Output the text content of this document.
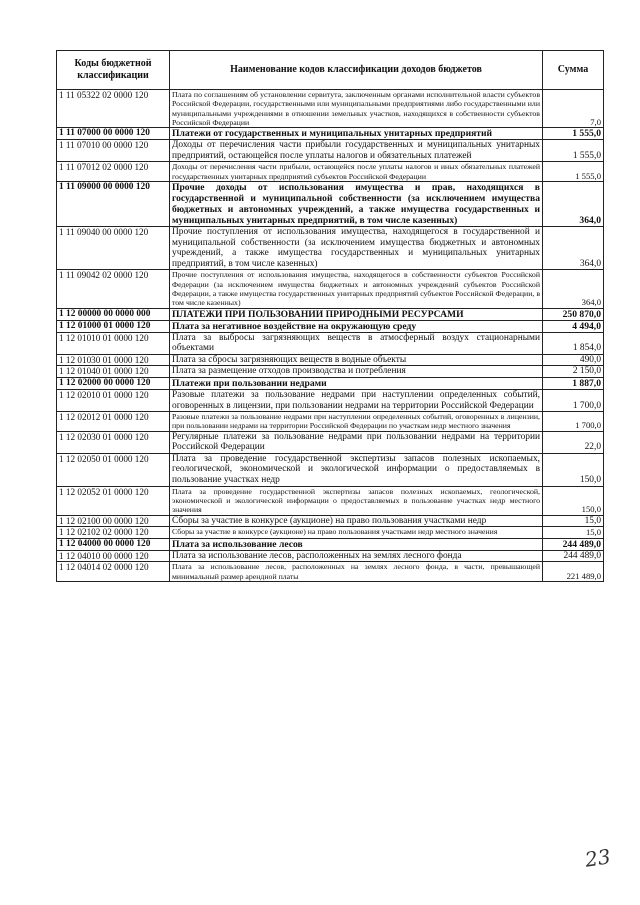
Коды бюджетной классификации	Наименование кодов классификации доходов бюджетов	Сумма
1 11 05322 02 0000 120	Плата по соглашениям об установлении сервитута, заключенным органами исполнительной власти субъектов Российской Федерации, государственными или муниципальными предприятиями либо государственными или муниципальными учреждениями в отношении земельных участков, находящихся в собственности субъектов Российской Федерации	7,0
1 11 07000 00 0000 120	Платежи от государственных и муниципальных унитарных предприятий	1 555,0
1 11 07010 00 0000 120	Доходы от перечисления части прибыли государственных и муниципальных унитарных предприятий, остающейся после уплаты налогов и обязательных платежей	1 555,0
1 11 07012 02 0000 120	Доходы от перечисления части прибыли, остающейся после уплаты налогов и иных обязательных платежей государственных унитарных предприятий субъектов Российской Федерации	1 555,0
1 11 09000 00 0000 120	Прочие доходы от использования имущества и прав, находящихся в государственной и муниципальной собственности (за исключением имущества бюджетных и автономных учреждений, а также имущества государственных и муниципальных унитарных предприятий, в том числе казенных)	364,0
1 11 09040 00 0000 120	Прочие поступления от использования имущества, находящегося в государственной и муниципальной собственности (за исключением имущества бюджетных и автономных учреждений, а также имущества государственных и муниципальных унитарных предприятий, в том числе казенных)	364,0
1 11 09042 02 0000 120	Прочие поступления от использования имущества, находящегося в собственности субъектов Российской Федерации (за исключением имущества бюджетных и автономных учреждений субъектов Российской Федерации, а также имущества государственных унитарных предприятий субъектов Российской Федерации, в том числе казенных)	364,0
1 12 00000 00 0000 000	ПЛАТЕЖИ ПРИ ПОЛЬЗОВАНИИ ПРИРОДНЫМИ РЕСУРСАМИ	250 870,0
1 12 01000 01 0000 120	Плата за негативное воздействие на окружающую среду	4 494,0
1 12 01010 01 0000 120	Плата за выбросы загрязняющих веществ в атмосферный воздух стационарными объектами	1 854,0
1 12 01030 01 0000 120	Плата за сбросы загрязняющих веществ в водные объекты	490,0
1 12 01040 01 0000 120	Плата за размещение отходов производства и потребления	2 150,0
1 12 02000 00 0000 120	Платежи при пользовании недрами	1 887,0
1 12 02010 01 0000 120	Разовые платежи за пользование недрами при наступлении определенных событий, оговоренных в лицензии, при пользовании недрами на территории Российской Федерации	1 700,0
1 12 02012 01 0000 120	Разовые платежи за пользование недрами при наступлении определенных событий, оговоренных в лицензии, при пользовании недрами на территории Российской Федерации по участкам недр местного значения	1 700,0
1 12 02030 01 0000 120	Регулярные платежи за пользование недрами при пользовании недрами на территории Российской Федерации	22,0
1 12 02050 01 0000 120	Плата за проведение государственной экспертизы запасов полезных ископаемых, геологической, экономической и экологической информации о предоставляемых в пользование участках недр	150,0
1 12 02052 01 0000 120	Плата за проведение государственной экспертизы запасов полезных ископаемых, геологической, экономической и экологической информации о предоставляемых в пользование участках недр местного значения	150,0
1 12 02100 00 0000 120	Сборы за участие в конкурсе (аукционе) на право пользования участками недр	15,0
1 12 02102 02 0000 120	Сборы за участие в конкурсе (аукционе) на право пользования участками недр местного значения	15,0
1 12 04000 00 0000 120	Плата за использование лесов	244 489,0
1 12 04010 00 0000 120	Плата за использование лесов, расположенных на землях лесного фонда	244 489,0
1 12 04014 02 0000 120	Плата за использование лесов, расположенных на землях лесного фонда, в части, превышающей минимальный размер арендной платы	221 489,0
23
